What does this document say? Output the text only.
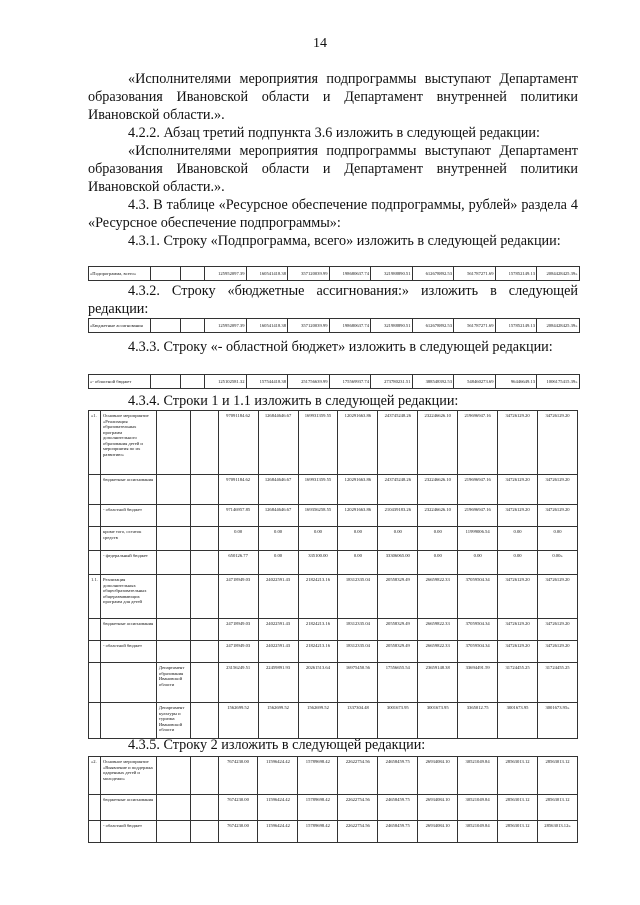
14
«Исполнителями мероприятия подпрограммы выступают Департамент образования Ивановской области и Департамент внутренней политики Ивановской области.».
4.2.2. Абзац третий подпункта 3.6 изложить в следующей редакции:
«Исполнителями мероприятия подпрограммы выступают Департамент образования Ивановской области и Департамент внутренней политики Ивановской области.».
4.3. В таблице «Ресурсное обеспечение подпрограммы, рублей» раздела 4 «Ресурсное обеспечение подпрограммы»:
4.3.1. Строку «Подпрограмма, всего» изложить в следующей редакции:
«Подпрограмма, всего»	125952097.39	160541418.38	357120039.99	198680637.74	321988890.51	612678892.53	561787271.69	157852149.13	2084428425.39»
4.3.2. Строку «бюджетные ассигнования:» изложить в следующей редакции:
«Бюджетные ассигнования	125952097.39	160541418.38	357120039.99	198680637.74	321988890.51	612678892.53	561787271.69	157852149.13	2084428425.39»
4.3.3. Строку «- областной бюджет» изложить в следующей редакции:
«- областной бюджет	125102581.32	157544418.38	251756639.99	175569937.74	273780231.51	388548392.53	548460273.69	96446649.13	1006175415.39»
4.3.4. Строки 1 и 1.1 изложить в следующей редакции:
«1.	Основное мероприятие «Реализация образовательных программ дополнительного образования детей и мероприятия по их развитию»			97091184.62	126844646.67	169931359.55	120291663.86	243745248.26	232246626.10	219696947.16	34726129.20	34726129.20
	бюджетные ассигнования			97091184.62	126844646.67	169931359.55	120291663.86	243745248.26	232246626.10	219696947.16	34726129.20	34726129.20
	- областной бюджет			97146957.85	126844646.67	169356258.55	120291663.86	210439183.26	232246626.10	219696947.16	34726129.20	34726129.20
	кроме того, остаток средств			0.00	0.00	0.00	0.00	0.00	0.00	11999006.54	0.00	0.00
	- федеральный бюджет			650126.77	0.00	335100.00	0.00	33306065.00	0.00	0.00	0.00	0.00»
1.1.	Реализация дополнительных общеобразовательных общеразвивающих программ для детей			24718949.03	24022591.43	21824213.16	18312335.04	20558329.49	26659822.33	37059504.34	34726129.20	34726129.20
	бюджетные ассигнования			24718949.03	24022591.43	21824213.16	18312335.04	20558329.49	26659822.33	37059504.34	34726129.20	34726129.20
	- областной бюджет			24718949.03	24022591.43	21824213.16	18312335.04	20558329.49	26659822.33	37059504.34	34726129.20	34726129.20
		Департамент образования Ивановской области		23156249.51	22459891.93	20261513.64	16975450.56	17556655.54	23659148.38	33694491.59	31724455.25	31724455.25
		Департамент культуры и туризма Ивановской области		1562699.52	1562699.52	1562699.52	1337304.48	3001673.95	3001673.95	3365012.75	3001673.95	3001673.95»
4.3.5. Строку 2 изложить в следующей редакции:
«2.	Основное мероприятие «Выявление и поддержка одаренных детей и молодежи»			7674230.00	11596424.42	15789698.42	22622754.56	24658459.75	26934084.10	30521049.84	28563013.12	28563013.12
	бюджетные ассигнования			7674230.00	11596424.42	15789698.42	22622754.56	24658459.75	26934084.10	30521049.84	28563013.12	28563013.12
	- областной бюджет			7674230.00	11596424.42	15789698.42	22622754.56	24658459.75	26934084.10	30521049.84	28563013.12	28563013.12»
